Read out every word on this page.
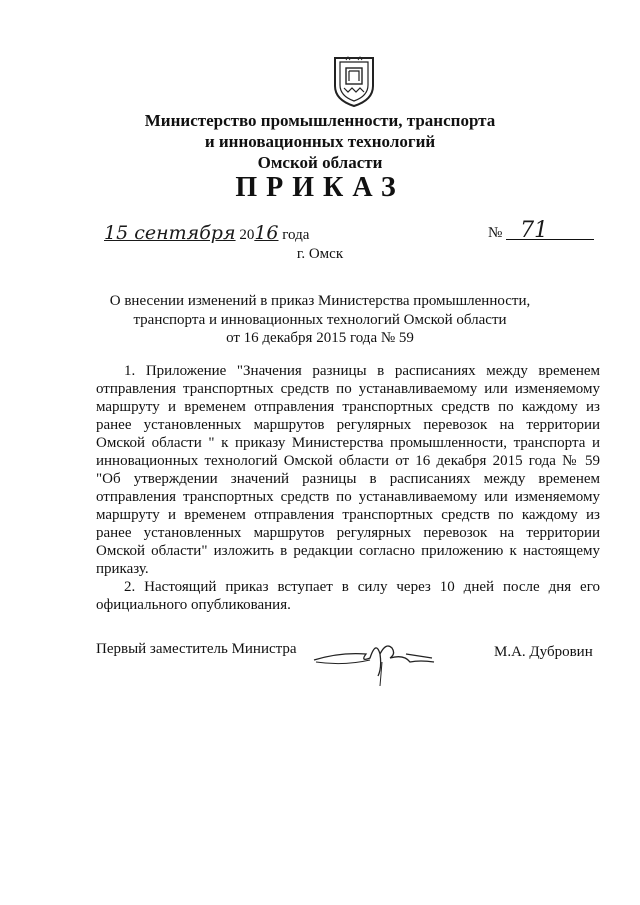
Министерство промышленности, транспорта
и инновационных технологий
Омской области
ПРИКАЗ
15 сентября 2016 года	№ 71
г. Омск
О внесении изменений в приказ Министерства промышленности,
транспорта и инновационных технологий Омской области
от 16 декабря 2015 года № 59

1. Приложение "Значения разницы в расписаниях между временем отправления транспортных средств по устанавливаемому или изменяемому маршруту и временем отправления транспортных средств по каждому из ранее установленных маршрутов регулярных перевозок на территории Омской области " к приказу Министерства промышленности, транспорта и инновационных технологий Омской области от 16 декабря 2015 года № 59 "Об утверждении значений разницы в расписаниях между временем отправления транспортных средств по устанавливаемому или изменяемому маршруту и временем отправления транспортных средств по каждому из ранее установленных маршрутов регулярных перевозок на территории Омской области" изложить в редакции согласно приложению к настоящему приказу.

2. Настоящий приказ вступает в силу через 10 дней после дня его официального опубликования.

Первый заместитель Министра	М.А. Дубровин
